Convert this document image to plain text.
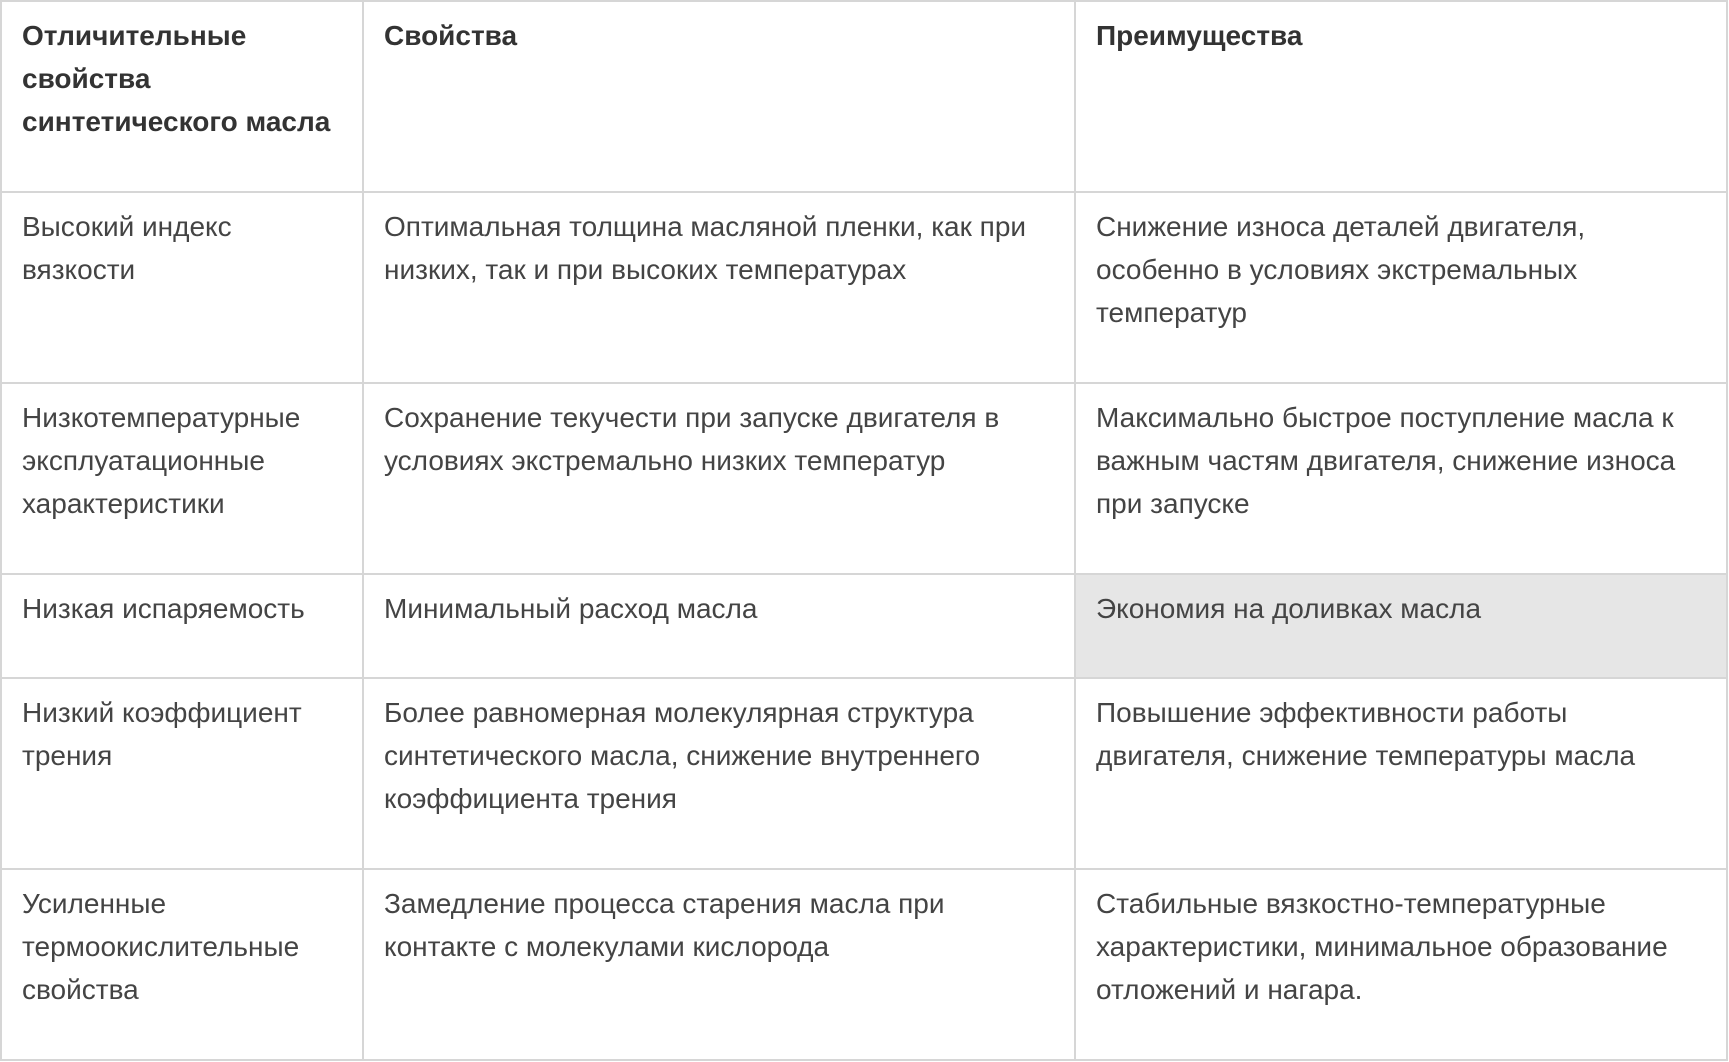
Отличительные свойства синтетического масла	Свойства	Преимущества
Высокий индекс вязкости	Оптимальная толщина масляной пленки, как при низких, так и при высоких температурах	Снижение износа деталей двигателя, особенно в условиях экстремальных температур
Низкотемпературные эксплуатационные характеристики	Сохранение текучести при запуске двигателя в условиях экстремально низких температур	Максимально быстрое поступление масла к важным частям двигателя, снижение износа при запуске
Низкая испаряемость	Минимальный расход масла	Экономия на доливках масла
Низкий коэффициент трения	Более равномерная молекулярная структура синтетического масла, снижение внутреннего коэффициента трения	Повышение эффективности работы двигателя, снижение температуры масла
Усиленные термоокислительные свойства	Замедление процесса старения масла при контакте с молекулами кислорода	Стабильные вязкостно-температурные характеристики, минимальное образование отложений и нагара.
